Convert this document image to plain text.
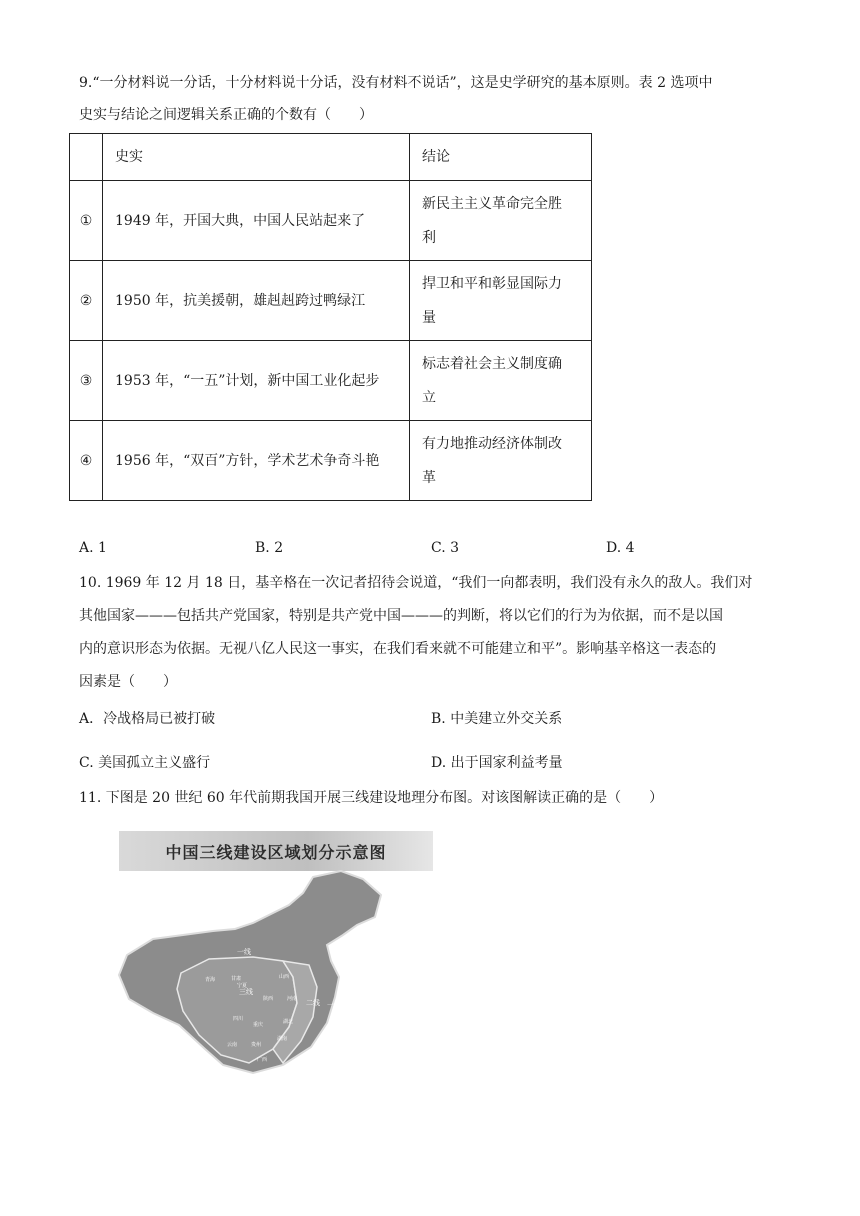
9.“一分材料说一分话，十分材料说十分话，没有材料不说话”，这是史学研究的基本原则。表 2 选项中
史实与结论之间逻辑关系正确的个数有（　　）
	史实	结论
①	1949 年，开国大典，中国人民站起来了	新民主主义革命完全胜
利
②	1950 年，抗美援朝，雄赳赳跨过鸭绿江	捍卫和平和彰显国际力
量
③	1953 年，“一五”计划，新中国工业化起步	标志着社会主义制度确
立
④	1956 年，“双百”方针，学术艺术争奇斗艳	有力地推动经济体制改
革
A. 1	B. 2	C. 3	D. 4
10. 1969 年 12 月 18 日，基辛格在一次记者招待会说道，“我们一向都表明，我们没有永久的敌人。我们对
其他国家———包括共产党国家，特别是共产党中国———的判断，将以它们的行为为依据，而不是以国
内的意识形态为依据。无视八亿人民这一事实，在我们看来就不可能建立和平”。影响基辛格这一表态的
因素是（　　）
A．冷战格局已被打破	B. 中美建立外交关系
C. 美国孤立主义盛行	D. 出于国家利益考量
11. 下图是 20 世纪 60 年代前期我国开展三线建设地理分布图。对该图解读正确的是（　　）
中国三线建设区域划分示意图
一线
二线 一线
三线
青海	甘肃
宁夏
山西
陕西	河南
四川
重庆	湖北
云南	贵州
湖南
广西
